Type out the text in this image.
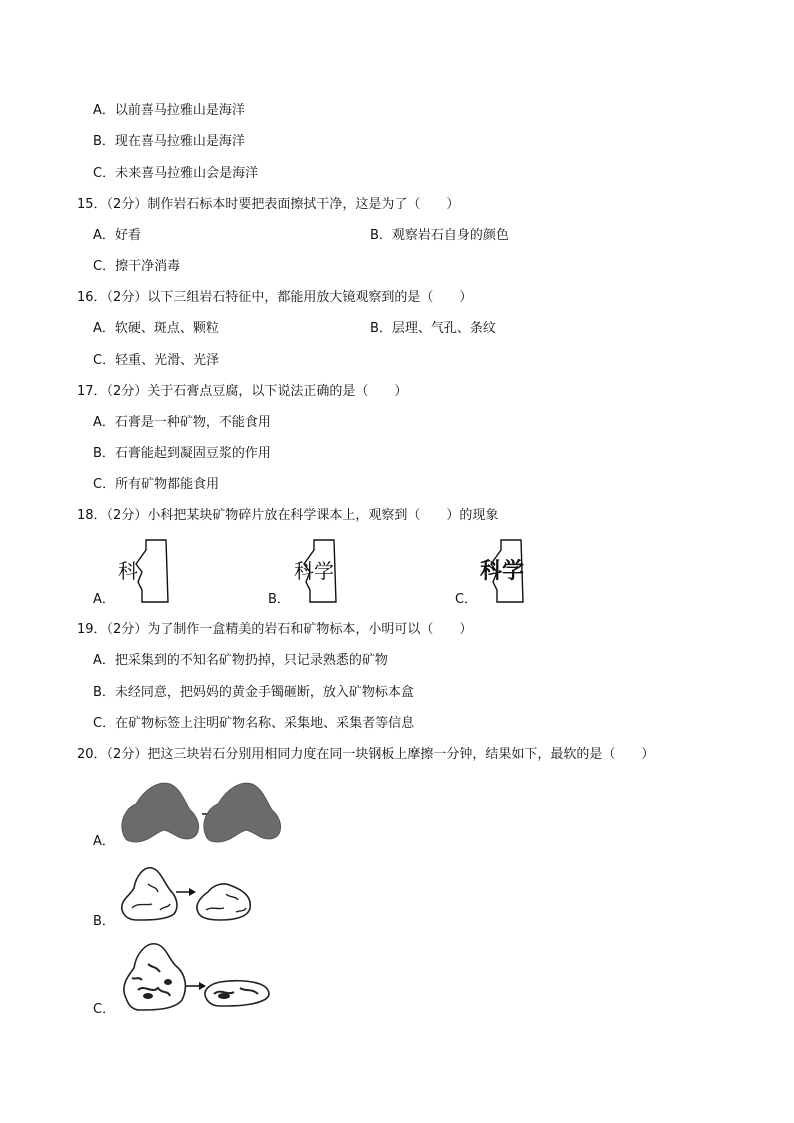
A．以前喜马拉雅山是海洋
B．现在喜马拉雅山是海洋
C．未来喜马拉雅山会是海洋
15．（2分）制作岩石标本时要把表面擦拭干净，这是为了（　　）
A．好看	B．观察岩石自身的颜色
C．擦干净消毒
16．（2分）以下三组岩石特征中，都能用放大镜观察到的是（　　）
A．软硬、斑点、颗粒	B．层理、气孔、条纹
C．轻重、光滑、光泽
17．（2分）关于石膏点豆腐，以下说法正确的是（　　）
A．石膏是一种矿物，不能食用
B．石膏能起到凝固豆浆的作用
C．所有矿物都能食用
18．（2分）小科把某块矿物碎片放在科学课本上，观察到（　　）的现象
A．
科
B．
科学
C．
科学
19．（2分）为了制作一盒精美的岩石和矿物标本，小明可以（　　）
A．把采集到的不知名矿物扔掉，只记录熟悉的矿物
B．未经同意，把妈妈的黄金手镯砸断，放入矿物标本盒
C．在矿物标签上注明矿物名称、采集地、采集者等信息
20．（2分）把这三块岩石分别用相同力度在同一块钢板上摩擦一分钟，结果如下，最软的是（　　）
A．
B．
C．
